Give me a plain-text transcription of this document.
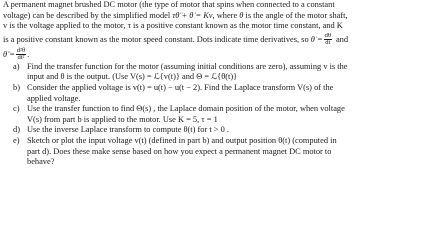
A permanent magnet brushed DC motor (the type of motor that spins when connected to a constant

voltage) can be described by the simplified model τθ̈ + θ̇ = Kv, where θ is the angle of the motor shaft,

v is the voltage applied to the motor, τ is a positive constant known as the motor time constant, and K

is a positive constant known as the motor speed constant. Dots indicate time derivatives, so θ̇ = $\frac{d\theta}{dt}$ and

θ̈ = $\frac{\text{d²θ}}{\text{dt²}}$ .

a) Find the transfer function for the motor (assuming initial conditions are zero), assuming v is the

input and θ is the output. (Use V(s) = ℒ{v(t)} and Θ = ℒ{θ(t)}

b) Consider the applied voltage is v(t) = u(t) − u(t − 2). Find the Laplace transform V(s) of the

applied voltage.

c) Use the transfer function to find Θ(s) , the Laplace domain position of the motor, when voltage

V(s) from part b is applied to the motor. Use K = 5, τ = 1

d) Use the inverse Laplace transform to compute θ(t) for t > 0 .

e) Sketch or plot the input voltage v(t) (defined in part b) and output position θ(t) (computed in

part d). Does these make sense based on how you expect a permanent magnet DC motor to

behave?
